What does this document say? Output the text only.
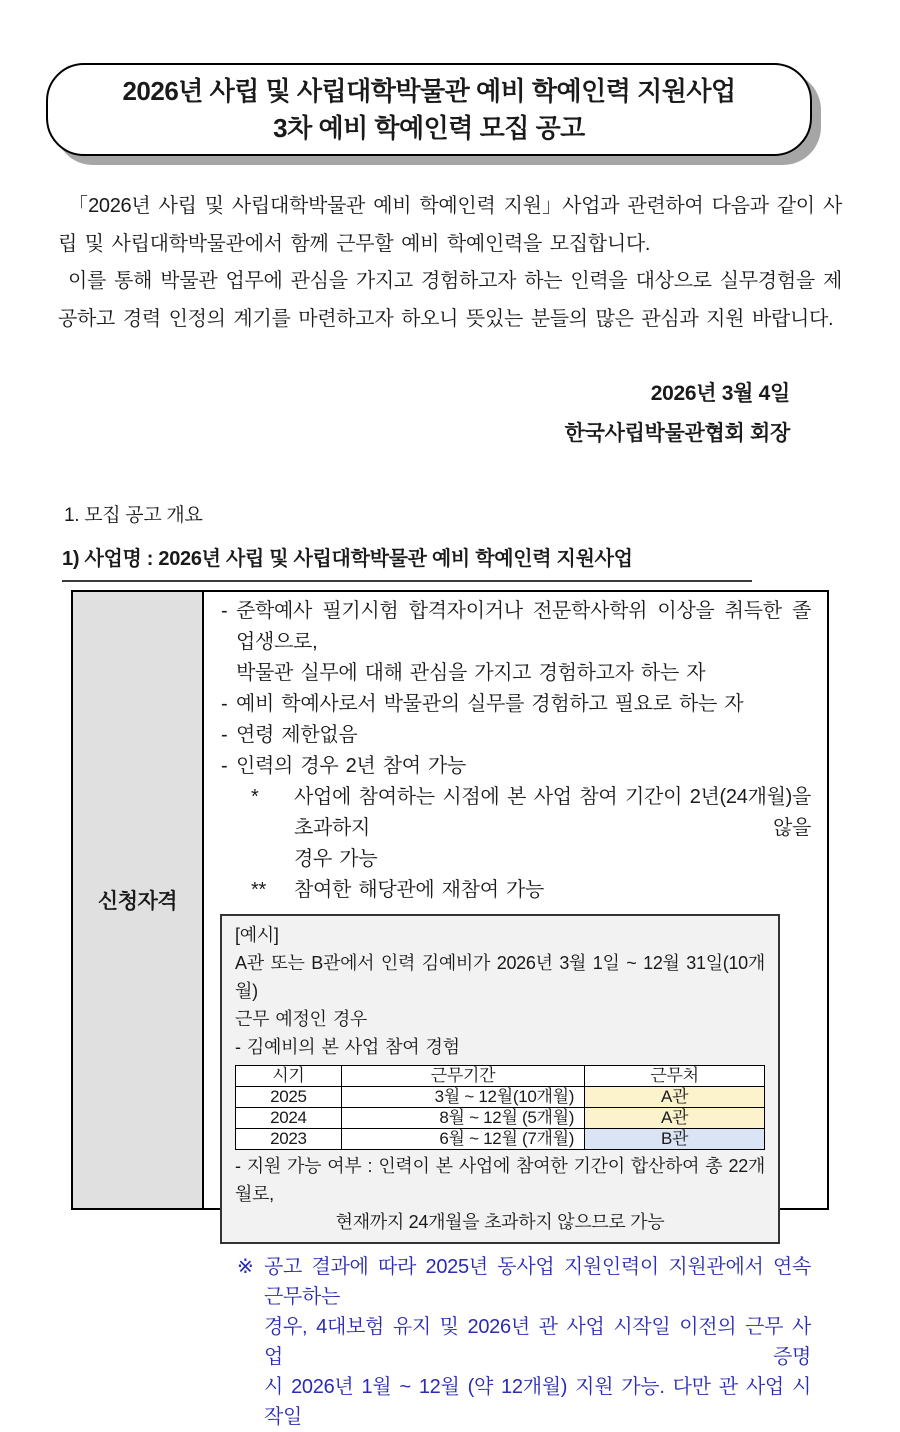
2026년 사립 및 사립대학박물관 예비 학예인력 지원사업
3차 예비 학예인력 모집 공고

「2026년 사립 및 사립대학박물관 예비 학예인력 지원」사업과 관련하여 다음과 같이 사립 및 사립대학박물관에서 함께 근무할 예비 학예인력을 모집합니다.

이를 통해 박물관 업무에 관심을 가지고 경험하고자 하는 인력을 대상으로 실무경험을 제공하고 경력 인정의 계기를 마련하고자 하오니 뜻있는 분들의 많은 관심과 지원 바랍니다.

2026년 3월 4일
한국사립박물관협회 회장
1. 모집 공고 개요
1) 사업명 : 2026년 사립 및 사립대학박물관 예비 학예인력 지원사업
신청자격
- 준학예사 필기시험 합격자이거나 전문학사학위 이상을 취득한 졸업생으로,
박물관 실무에 대해 관심을 가지고 경험하고자 하는 자
- 예비 학예사로서 박물관의 실무를 경험하고 필요로 하는 자
- 연령 제한없음
- 인력의 경우 2년 참여 가능
* 사업에 참여하는 시점에 본 사업 참여 기간이 2년(24개월)을 초과하지 않을
경우 가능
** 참여한 해당관에 재참여 가능
[예시]
A관 또는 B관에서 인력 김예비가 2026년 3월 1일 ~ 12월 31일(10개월)
근무 예정인 경우
- 김예비의 본 사업 참여 경험
시기	근무기간	근무처
2025	3월 ~ 12월(10개월)	A관
2024	8월 ~ 12월 (5개월)	A관
2023	6월 ~ 12월 (7개월)	B관
- 지원 가능 여부 : 인력이 본 사업에 참여한 기간이 합산하여 총 22개월로,
현재까지 24개월을 초과하지 않으므로 가능
※ 공고 결과에 따라 2025년 동사업 지원인력이 지원관에서 연속 근무하는
경우, 4대보험 유지 및 2026년 관 사업 시작일 이전의 근무 사업 증명
시 2026년 1월 ~ 12월 (약 12개월) 지원 가능. 다만 관 사업 시작일
